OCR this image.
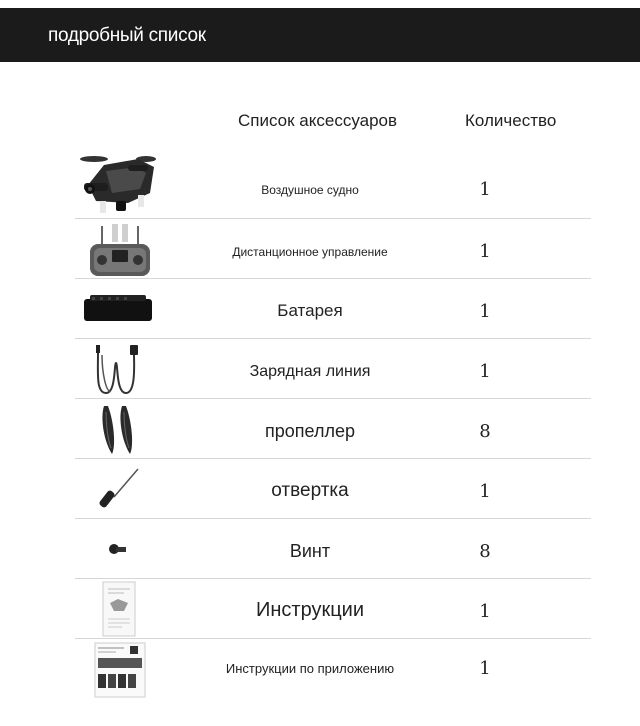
подробный список
Список аксессуаров	Количество
Воздушное судно	1
Дистанционное управление	1
Батарея	1
Зарядная линия	1
пропеллер	8
отвертка	1
Винт	8
Инструкции	1
Инструкции по приложению	1
